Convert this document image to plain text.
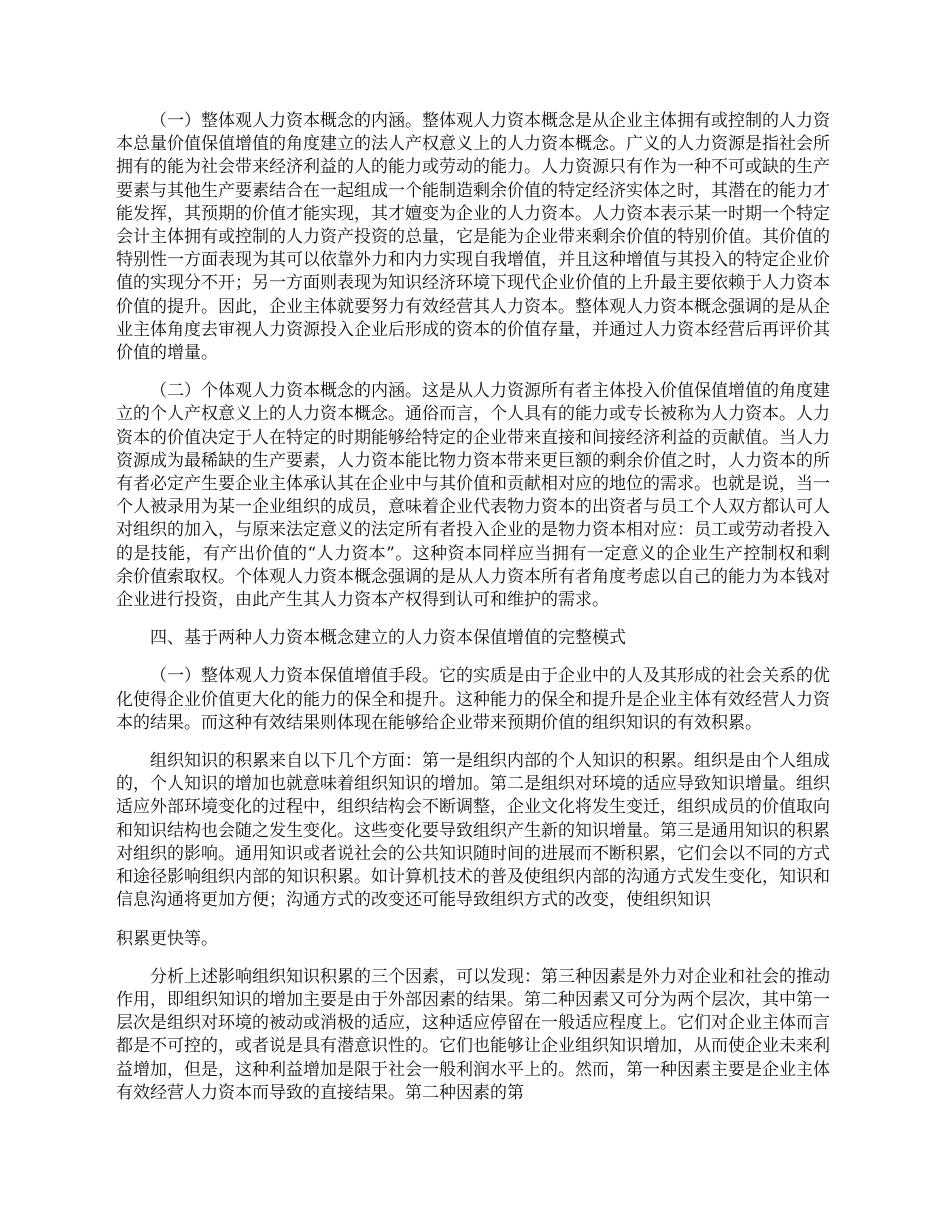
（一）整体观人力资本概念的内涵。整体观人力资本概念是从企业主体拥有或控制的人力资本总量价值保值增值的角度建立的法人产权意义上的人力资本概念。广义的人力资源是指社会所拥有的能为社会带来经济利益的人的能力或劳动的能力。人力资源只有作为一种不可或缺的生产要素与其他生产要素结合在一起组成一个能制造剩余价值的特定经济实体之时，其潜在的能力才能发挥，其预期的价值才能实现，其才嬗变为企业的人力资本。人力资本表示某一时期一个特定会计主体拥有或控制的人力资产投资的总量，它是能为企业带来剩余价值的特别价值。其价值的特别性一方面表现为其可以依靠外力和内力实现自我增值，并且这种增值与其投入的特定企业价值的实现分不开；另一方面则表现为知识经济环境下现代企业价值的上升最主要依赖于人力资本价值的提升。因此，企业主体就要努力有效经营其人力资本。整体观人力资本概念强调的是从企业主体角度去审视人力资源投入企业后形成的资本的价值存量，并通过人力资本经营后再评价其价值的增量。

（二）个体观人力资本概念的内涵。这是从人力资源所有者主体投入价值保值增值的角度建立的个人产权意义上的人力资本概念。通俗而言，个人具有的能力或专长被称为人力资本。人力资本的价值决定于人在特定的时期能够给特定的企业带来直接和间接经济利益的贡献值。当人力资源成为最稀缺的生产要素，人力资本能比物力资本带来更巨额的剩余价值之时，人力资本的所有者必定产生要企业主体承认其在企业中与其价值和贡献相对应的地位的需求。也就是说，当一个人被录用为某一企业组织的成员，意味着企业代表物力资本的出资者与员工个人双方都认可人对组织的加入，与原来法定意义的法定所有者投入企业的是物力资本相对应：员工或劳动者投入的是技能，有产出价值的“人力资本”。这种资本同样应当拥有一定意义的企业生产控制权和剩余价值索取权。个体观人力资本概念强调的是从人力资本所有者角度考虑以自己的能力为本钱对企业进行投资，由此产生其人力资本产权得到认可和维护的需求。

四、基于两种人力资本概念建立的人力资本保值增值的完整模式

（一）整体观人力资本保值增值手段。它的实质是由于企业中的人及其形成的社会关系的优化使得企业价值更大化的能力的保全和提升。这种能力的保全和提升是企业主体有效经营人力资本的结果。而这种有效结果则体现在能够给企业带来预期价值的组织知识的有效积累。

组织知识的积累来自以下几个方面：第一是组织内部的个人知识的积累。组织是由个人组成的，个人知识的增加也就意味着组织知识的增加。第二是组织对环境的适应导致知识增量。组织适应外部环境变化的过程中，组织结构会不断调整，企业文化将发生变迁，组织成员的价值取向和知识结构也会随之发生变化。这些变化要导致组织产生新的知识增量。第三是通用知识的积累对组织的影响。通用知识或者说社会的公共知识随时间的进展而不断积累，它们会以不同的方式和途径影响组织内部的知识积累。如计算机技术的普及使组织内部的沟通方式发生变化，知识和信息沟通将更加方便；沟通方式的改变还可能导致组织方式的改变，使组织知识

积累更快等。

分析上述影响组织知识积累的三个因素，可以发现：第三种因素是外力对企业和社会的推动作用，即组织知识的增加主要是由于外部因素的结果。第二种因素又可分为两个层次，其中第一层次是组织对环境的被动或消极的适应，这种适应停留在一般适应程度上。它们对企业主体而言都是不可控的，或者说是具有潜意识性的。它们也能够让企业组织知识增加，从而使企业未来利益增加，但是，这种利益增加是限于社会一般利润水平上的。然而，第一种因素主要是企业主体有效经营人力资本而导致的直接结果。第二种因素的第
